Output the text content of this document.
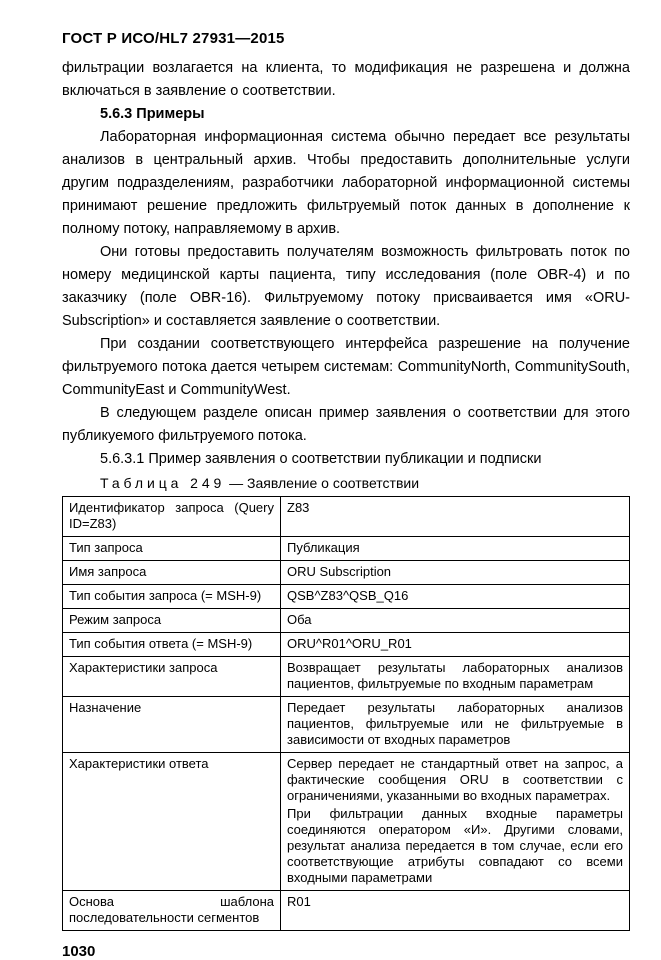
ГОСТ Р ИСО/HL7 27931—2015

фильтрации возлагается на клиента, то модификация не разрешена и должна включаться в заявление о соответствии.

5.6.3 Примеры

Лабораторная информационная система обычно передает все результаты анализов в центральный архив. Чтобы предоставить дополнительные услуги другим подразделениям, разработчики лабораторной информационной системы принимают решение предложить фильтруемый поток данных в дополнение к полному потоку, направляемому в архив.

Они готовы предоставить получателям возможность фильтровать поток по номеру медицинской карты пациента, типу исследования (поле OBR-4) и по заказчику (поле OBR-16). Фильтруемому потоку присваивается имя «ORU-Subscription» и составляется заявление о соответствии.

При создании соответствующего интерфейса разрешение на получение фильтруемого потока дается четырем системам: CommunityNorth, CommunitySouth, CommunityEast и CommunityWest.

В следующем разделе описан пример заявления о соответствии для этого публикуемого фильтруемого потока.

5.6.3.1 Пример заявления о соответствии публикации и подписки

Таблица 249 — Заявление о соответствии

Идентификатор запроса (Query ID=Z83)	Z83

Тип запроса	Публикация

Имя запроса	ORU Subscription

Тип события запроса (= MSH-9)	QSB^Z83^QSB_Q16

Режим запроса	Оба

Тип события ответа (= MSH-9)	ORU^R01^ORU_R01

Характеристики запроса	Возвращает результаты лабораторных анализов пациентов, фильтруемые по входным параметрам

Назначение	Передает результаты лабораторных анализов пациентов, фильтруемые или не фильтруемые в зависимости от входных параметров

Характеристики ответа	Сервер передает не стандартный ответ на запрос, а фактические сообщения ORU в соответствии с ограничениями, указанными во входных параметрах.
При фильтрации данных входные параметры соединяются оператором «И». Другими словами, результат анализа передается в том случае, если его соответствующие атрибуты совпадают со всеми входными параметрами

Основа шаблона последовательности сегментов	R01
1030
